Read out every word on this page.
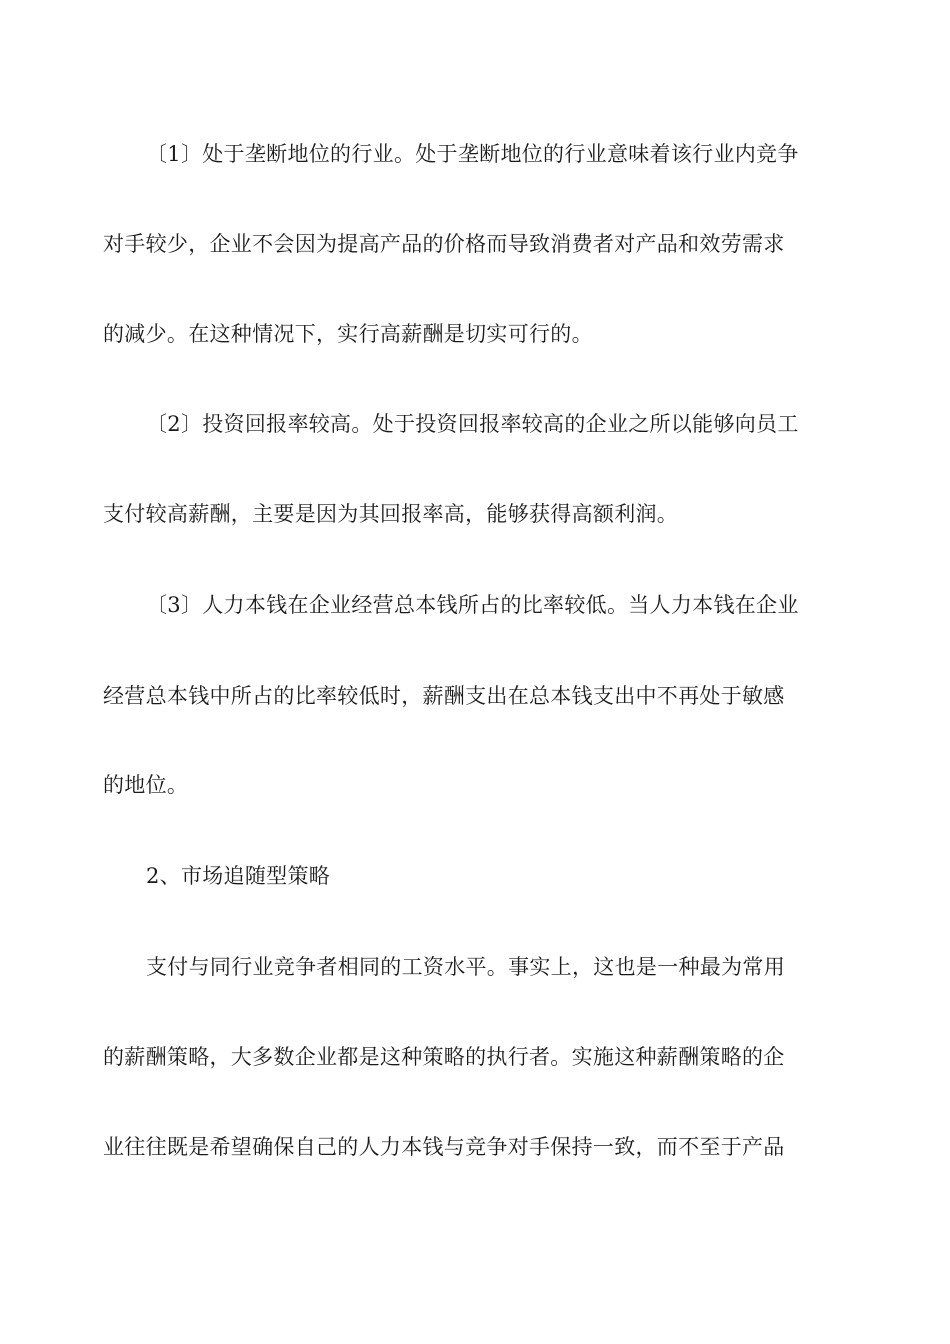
〔1〕处于垄断地位的行业。处于垄断地位的行业意味着该行业内竞争
对手较少，企业不会因为提高产品的价格而导致消费者对产品和效劳需求
的减少。在这种情况下，实行高薪酬是切实可行的。
〔2〕投资回报率较高。处于投资回报率较高的企业之所以能够向员工
支付较高薪酬，主要是因为其回报率高，能够获得高额利润。
〔3〕人力本钱在企业经营总本钱所占的比率较低。当人力本钱在企业
经营总本钱中所占的比率较低时，薪酬支出在总本钱支出中不再处于敏感
的地位。
2、市场追随型策略
支付与同行业竞争者相同的工资水平。事实上，这也是一种最为常用
的薪酬策略，大多数企业都是这种策略的执行者。实施这种薪酬策略的企
业往往既是希望确保自己的人力本钱与竞争对手保持一致，而不至于产品
